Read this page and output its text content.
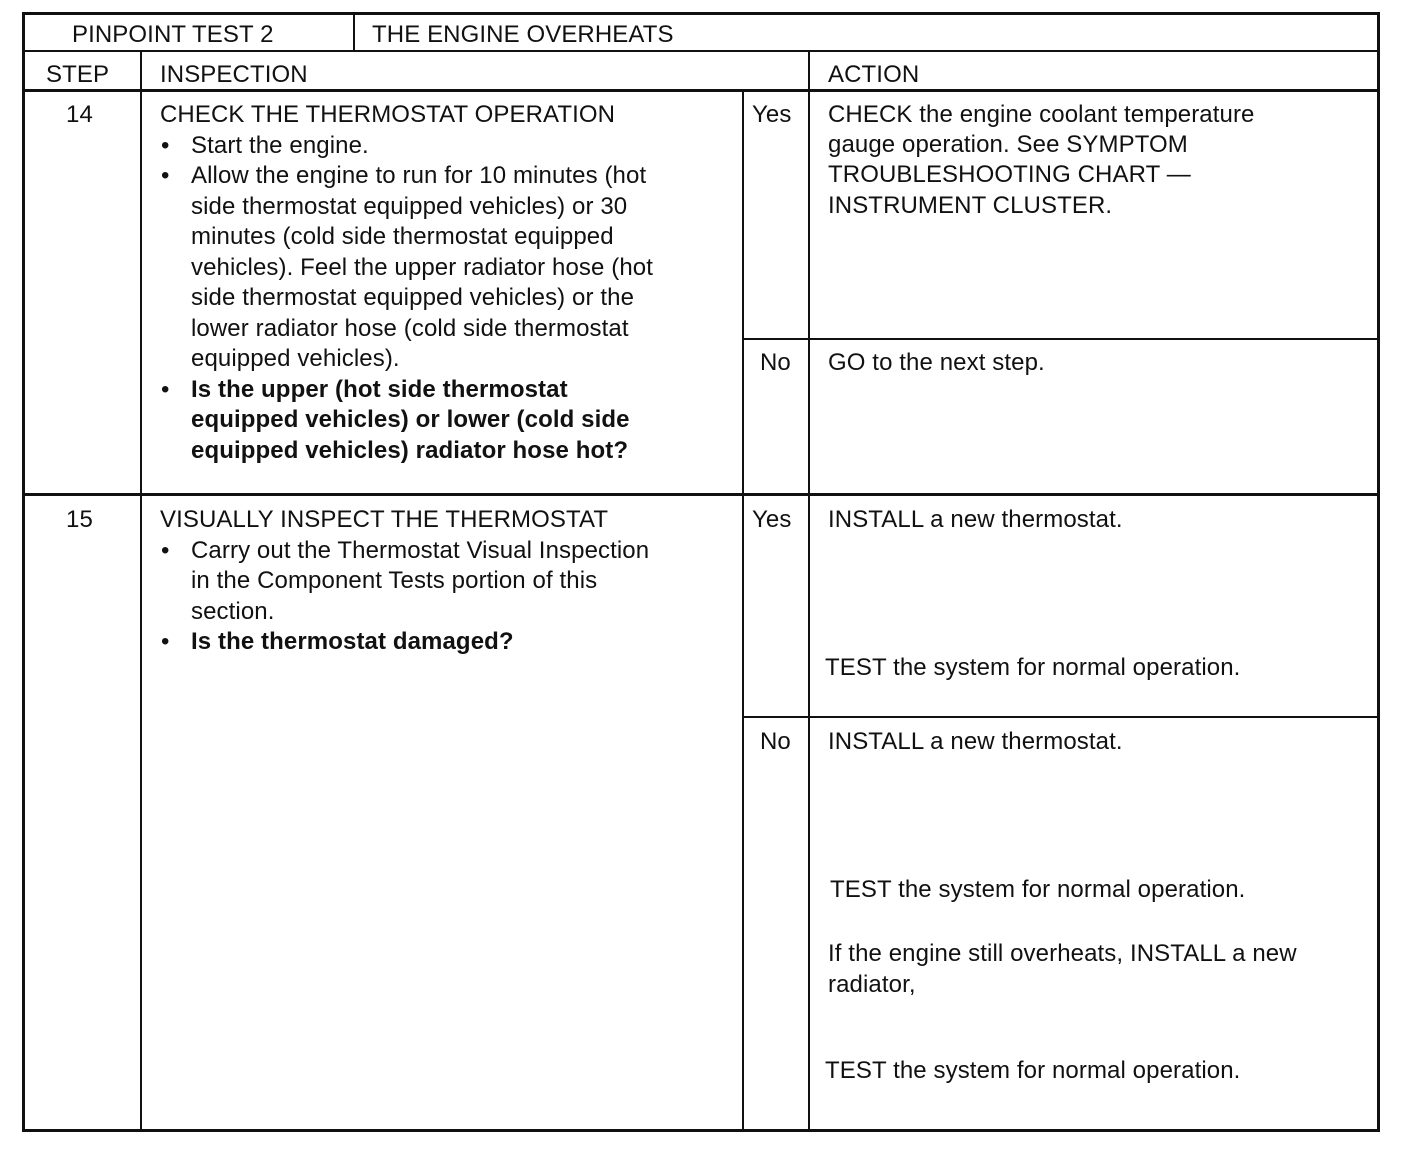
PINPOINT TEST 2	THE ENGINE OVERHEATS
STEP INSPECTION	ACTION
14	CHECK THE THERMOSTAT OPERATION
• Start the engine.
• Allow the engine to run for 10 minutes (hot
side thermostat equipped vehicles) or 30
minutes (cold side thermostat equipped
vehicles). Feel the upper radiator hose (hot
side thermostat equipped vehicles) or the
lower radiator hose (cold side thermostat
equipped vehicles).
• Is the upper (hot side thermostat
equipped vehicles) or lower (cold side
equipped vehicles) radiator hose hot?
Yes CHECK the engine coolant temperature
gauge operation. See SYMPTOM
TROUBLESHOOTING CHART —
INSTRUMENT CLUSTER.
No GO to the next step.
15	VISUALLY INSPECT THE THERMOSTAT
• Carry out the Thermostat Visual Inspection
in the Component Tests portion of this
section.
• Is the thermostat damaged?
Yes INSTALL a new thermostat.
TEST the system for normal operation.
No INSTALL a new thermostat.
TEST the system for normal operation.
If the engine still overheats, INSTALL a new
radiator,
TEST the system for normal operation.
